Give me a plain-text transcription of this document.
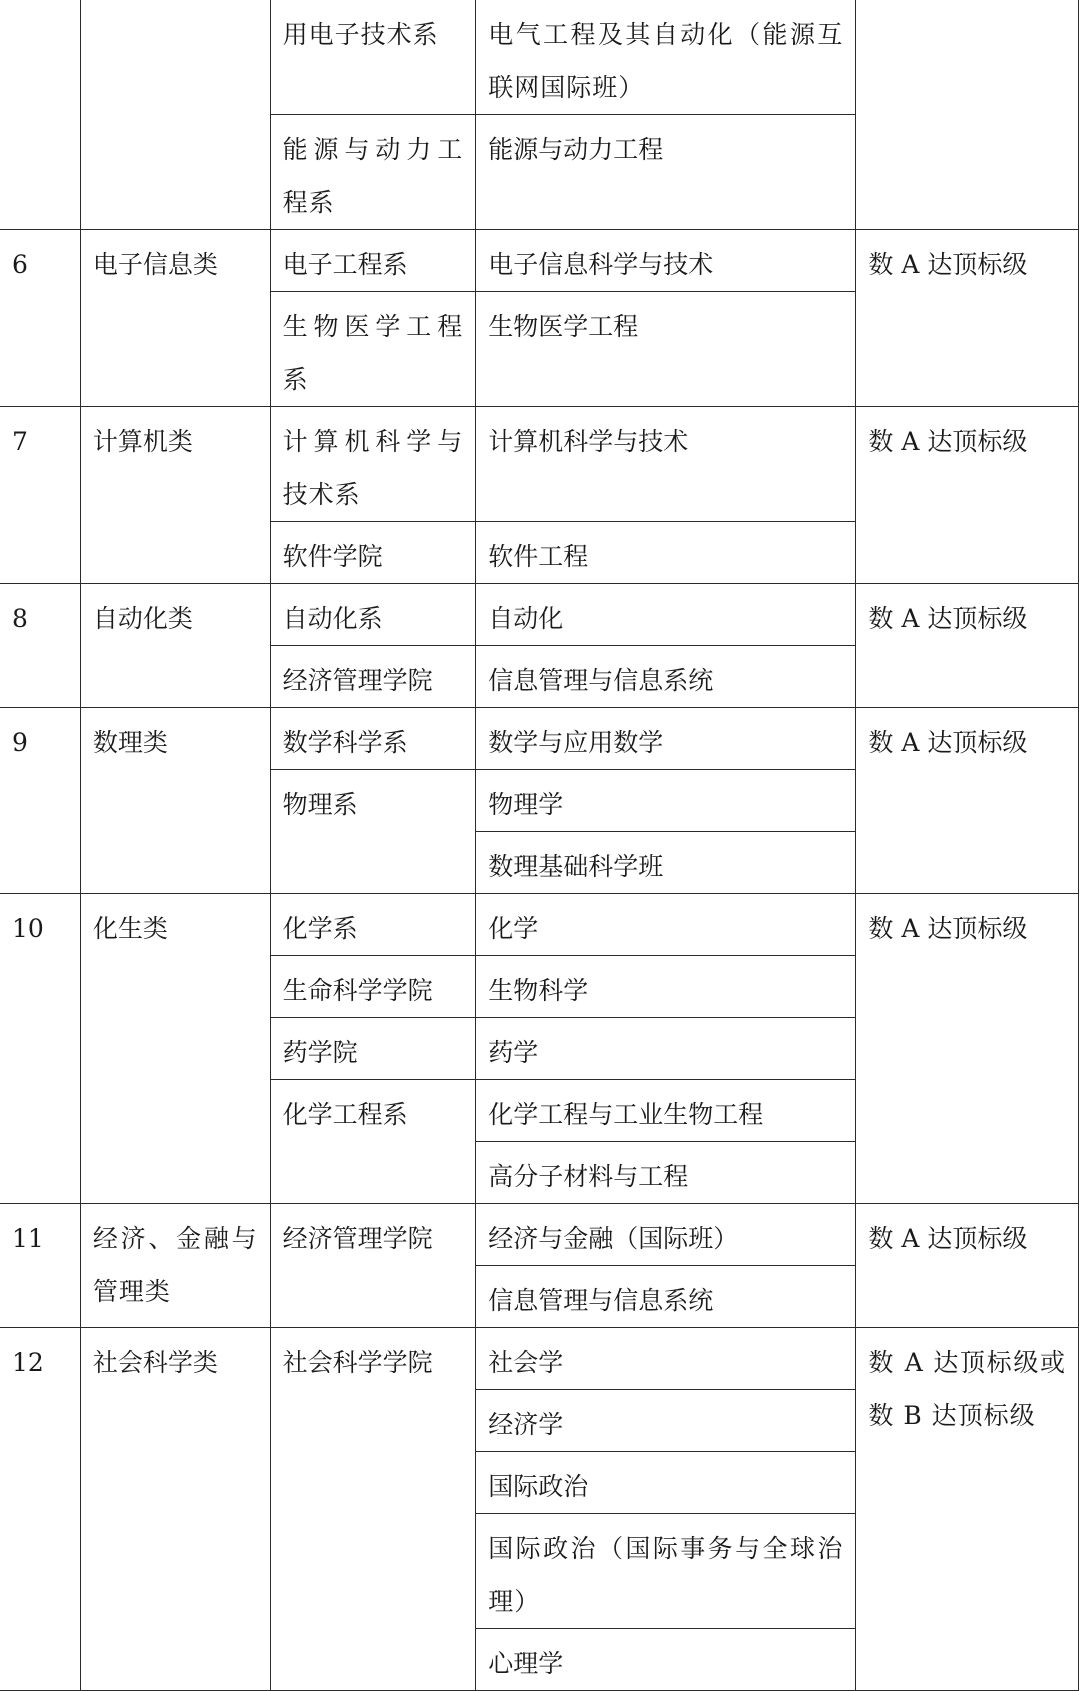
		用电子技术系	电气工程及其自动化（能源互联网国际班）	
		能源与动力工程系	能源与动力工程	
6	电子信息类	电子工程系	电子信息科学与技术	数 A 达顶标级
		生物医学工程系	生物医学工程	
7	计算机类	计算机科学与技术系	计算机科学与技术	数 A 达顶标级
		软件学院	软件工程	
8	自动化类	自动化系	自动化	数 A 达顶标级
		经济管理学院	信息管理与信息系统	
9	数理类	数学科学系	数学与应用数学	数 A 达顶标级
		物理系	物理学	
			数理基础科学班	
10	化生类	化学系	化学	数 A 达顶标级
		生命科学学院	生物科学	
		药学院	药学	
		化学工程系	化学工程与工业生物工程	
			高分子材料与工程	
11	经济、金融与管理类	经济管理学院	经济与金融（国际班）	数 A 达顶标级
			信息管理与信息系统	
12	社会科学类	社会科学学院	社会学	数 A 达顶标级或数 B 达顶标级
			经济学	
			国际政治	
			国际政治（国际事务与全球治理）	
			心理学	
